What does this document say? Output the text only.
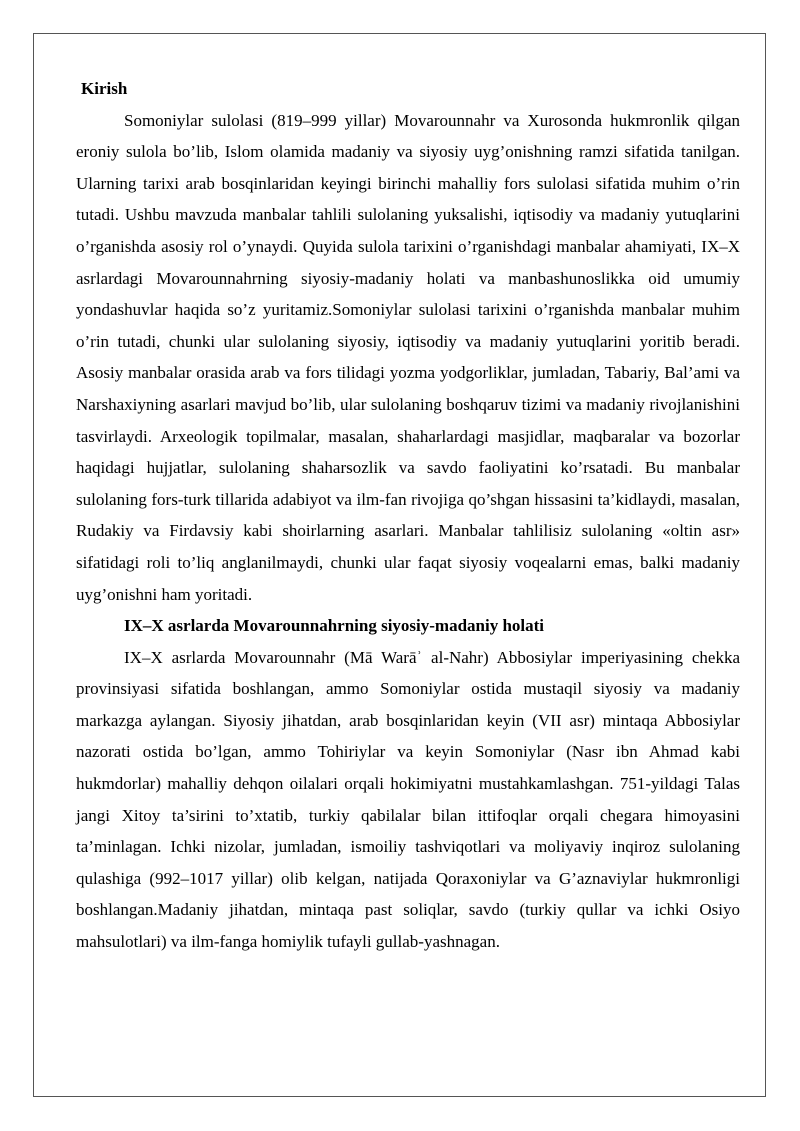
Kirish

Somoniylar sulolasi (819–999 yillar) Movarounnahr va Xurosonda hukmronlik qilgan eroniy sulola bo’lib, Islom olamida madaniy va siyosiy uyg’onishning ramzi sifatida tanilgan. Ularning tarixi arab bosqinlaridan keyingi birinchi mahalliy fors sulolasi sifatida muhim o’rin tutadi. Ushbu mavzuda manbalar tahlili sulolaning yuksalishi, iqtisodiy va madaniy yutuqlarini o’rganishda asosiy rol o’ynaydi. Quyida sulola tarixini o’rganishdagi manbalar ahamiyati, IX–X asrlardagi Movarounnahrning siyosiy-madaniy holati va manbashunoslikka oid umumiy yondashuvlar haqida so’z yuritamiz.Somoniylar sulolasi tarixini o’rganishda manbalar muhim o’rin tutadi, chunki ular sulolaning siyosiy, iqtisodiy va madaniy yutuqlarini yoritib beradi. Asosiy manbalar orasida arab va fors tilidagi yozma yodgorliklar, jumladan, Tabariy, Bal’ami va Narshaxiyning asarlari mavjud bo’lib, ular sulolaning boshqaruv tizimi va madaniy rivojlanishini tasvirlaydi. Arxeologik topilmalar, masalan, shaharlardagi masjidlar, maqbaralar va bozorlar haqidagi hujjatlar, sulolaning shaharsozlik va savdo faoliyatini ko’rsatadi. Bu manbalar sulolaning fors-turk tillarida adabiyot va ilm-fan rivojiga qo’shgan hissasini ta’kidlaydi, masalan, Rudakiy va Firdavsiy kabi shoirlarning asarlari. Manbalar tahlilisiz sulolaning «oltin asr» sifatidagi roli to’liq anglanilmaydi, chunki ular faqat siyosiy voqealarni emas, balki madaniy uyg’onishni ham yoritadi.

IX–X asrlarda Movarounnahrning siyosiy-madaniy holati

IX–X asrlarda Movarounnahr (Mā Warāʾ al-Nahr) Abbosiylar imperiyasining chekka provinsiyasi sifatida boshlangan, ammo Somoniylar ostida mustaqil siyosiy va madaniy markazga aylangan. Siyosiy jihatdan, arab bosqinlaridan keyin (VII asr) mintaqa Abbosiylar nazorati ostida bo’lgan, ammo Tohiriylar va keyin Somoniylar (Nasr ibn Ahmad kabi hukmdorlar) mahalliy dehqon oilalari orqali hokimiyatni mustahkamlashgan. 751-yildagi Talas jangi Xitoy ta’sirini to’xtatib, turkiy qabilalar bilan ittifoqlar orqali chegara himoyasini ta’minlagan. Ichki nizolar, jumladan, ismoiliy tashviqotlari va moliyaviy inqiroz sulolaning qulashiga (992–1017 yillar) olib kelgan, natijada Qoraxoniylar va G’aznaviylar hukmronligi boshlangan.Madaniy jihatdan, mintaqa past soliqlar, savdo (turkiy qullar va ichki Osiyo mahsulotlari) va ilm-fanga homiylik tufayli gullab-yashnagan.
